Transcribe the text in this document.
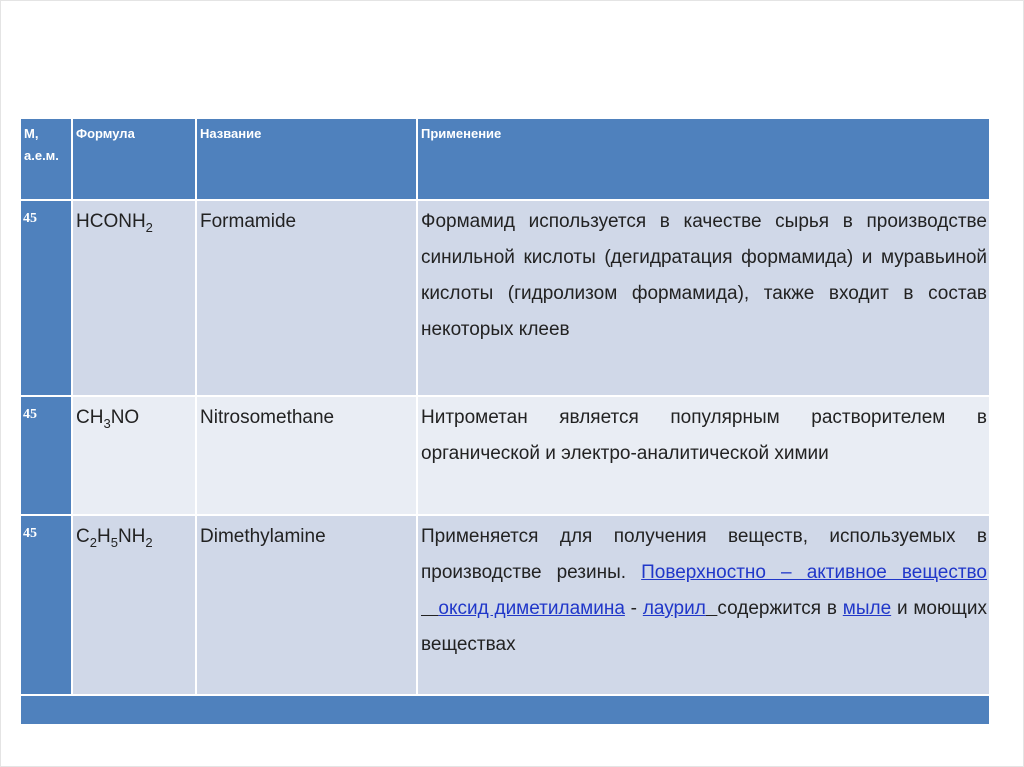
М, а.е.м.	Формула	Название	Применение

45	$HCONH_2$	Formamide	Формамид используется в качестве сырья в производстве синильной кислоты (дегидратация формамида) и муравьиной кислоты (гидролизом формамида), также входит в состав некоторых клеев

45	$CH_3NO$	Nitrosomethane	Нитрометан является популярным растворителем в органической и электро-аналитической химии

45	$C_2H_5NH_2$	Dimethylamine	Применяется для получения веществ, используемых в производстве резины. Поверхностно – активное вещество   оксид диметиламина - лаурил содержится в мыле и моющих веществах
